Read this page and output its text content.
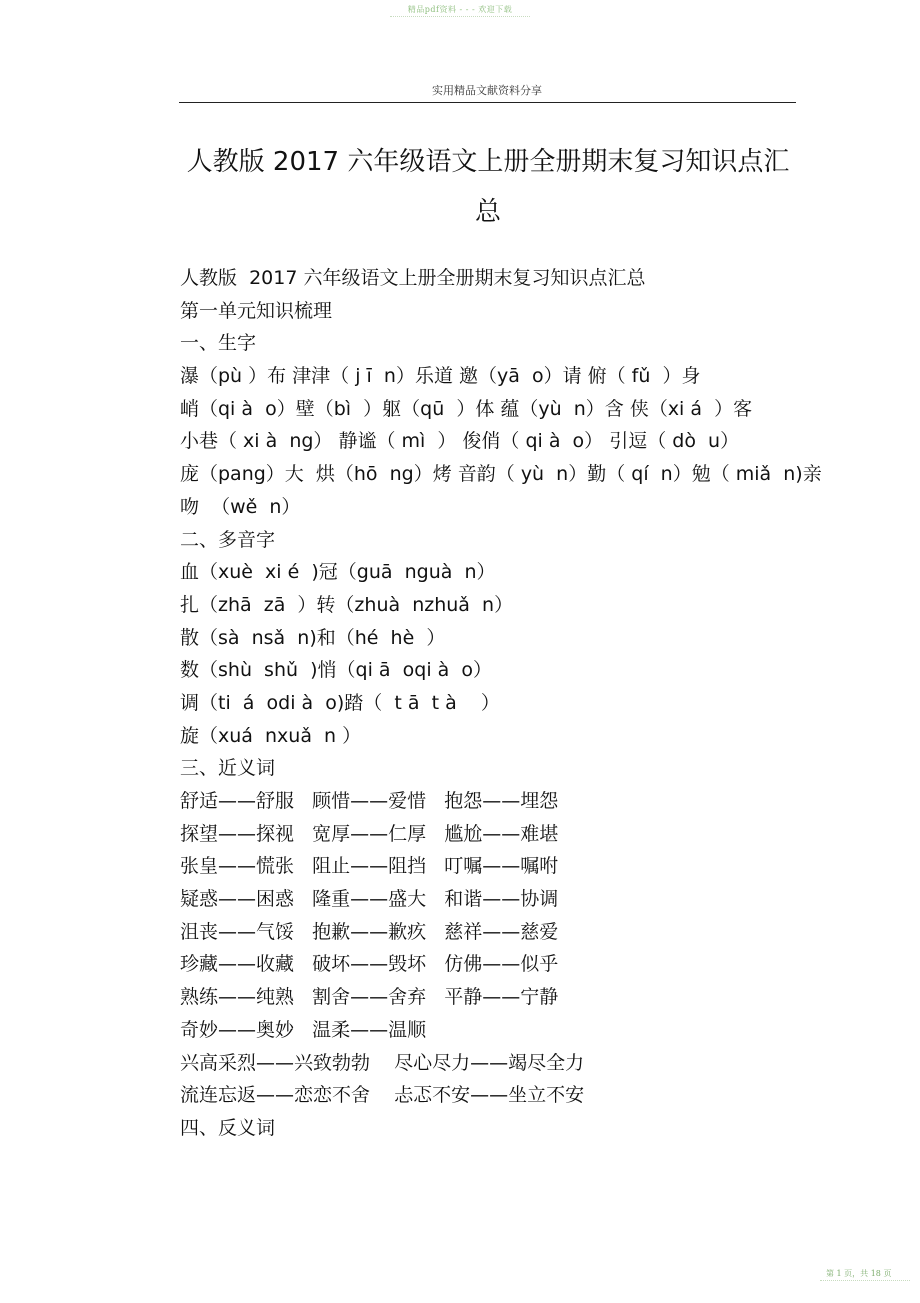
精品pdf资料 - - - 欢迎下载
实用精品文献资料分享
人教版 2017 六年级语文上册全册期末复习知识点汇
总
人教版  2017 六年级语文上册全册期末复习知识点汇总
第一单元知识梳理
一、生字
瀑（pù ）布 津津（ j ī  n）乐道 邀（yā  o）请 俯（ fǔ  ）身
峭（qi à  o）壁（bì  ）躯（qū  ）体 蕴（yù  n）含 侠（xi á  ）客
小巷（ xi à  ng） 静谧（ mì  ） 俊俏（ qi à  o） 引逗（ dò  u）
庞（pang）大  烘（hō  ng）烤 音韵（ yù  n）勤（ qí  n）勉（ miǎ  n)亲
吻  （wě  n）
二、多音字
血（xuè  xi é  )冠（guā  nguà  n）
扎（zhā  zā  ）转（zhuà  nzhuǎ  n）
散（sà  nsǎ  n)和（hé  hè  ）
数（shù  shǔ  )悄（qi ā  oqi à  o）
调（ti  á  odi à  o)踏（  t ā  t à    ）
旋（xuá  nxuǎ  n ）
三、近义词
舒适——舒服   顾惜——爱惜   抱怨——埋怨
探望——探视   宽厚——仁厚   尴尬——难堪
张皇——慌张   阻止——阻挡   叮嘱——嘱咐
疑惑——困惑   隆重——盛大   和谐——协调
沮丧——气馁   抱歉——歉疚   慈祥——慈爱
珍藏——收藏   破坏——毁坏   仿佛——似乎
熟练——纯熟   割舍——舍弃   平静——宁静
奇妙——奥妙   温柔——温顺
兴高采烈——兴致勃勃    尽心尽力——竭尽全力
流连忘返——恋恋不舍    忐忑不安——坐立不安
四、反义词
第 1 页，共 18 页
